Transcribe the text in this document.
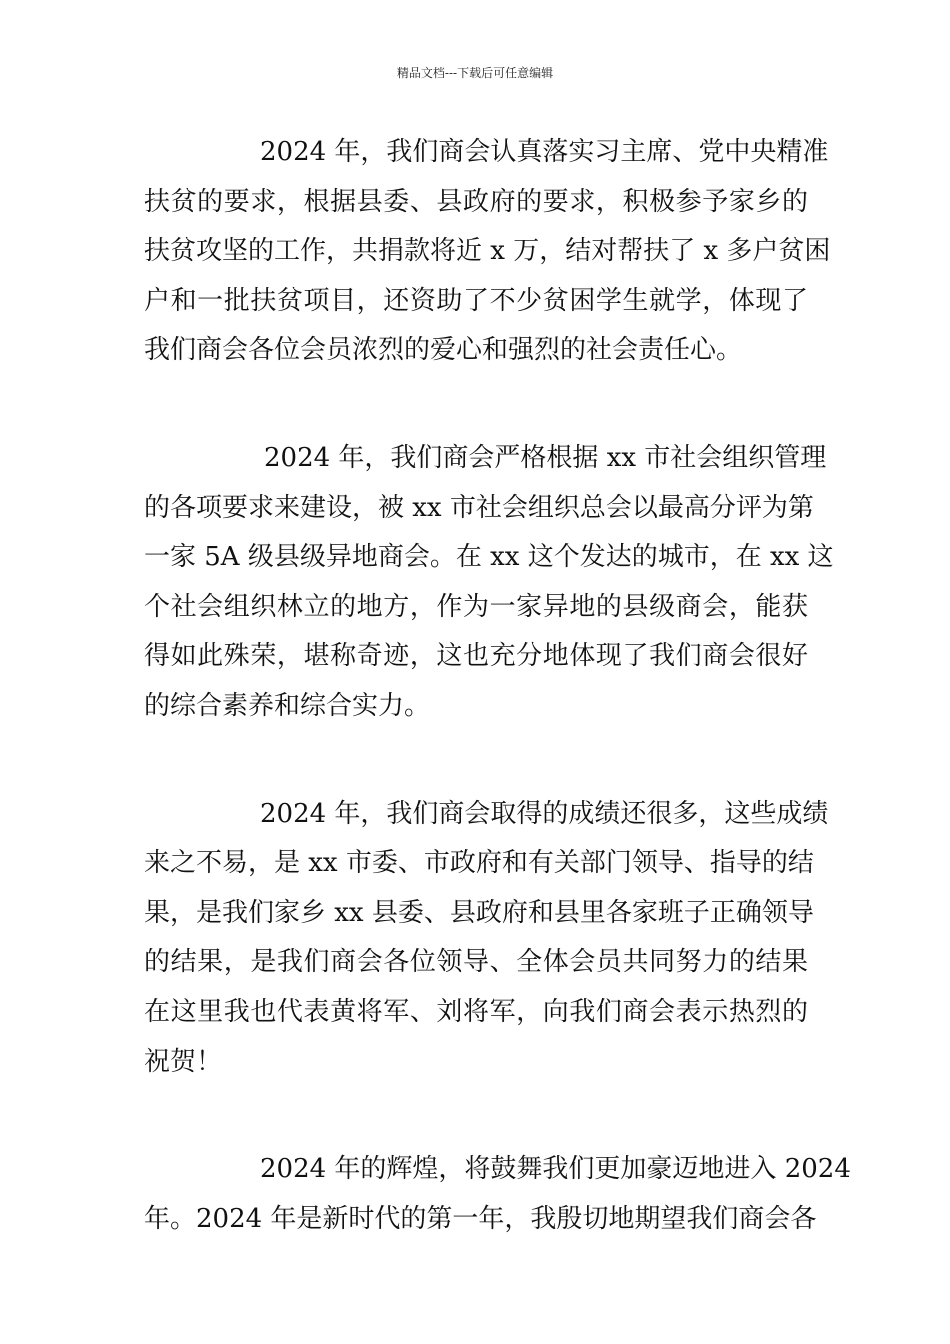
精品文档---下载后可任意编辑
2024 年，我们商会认真落实习主席、党中央精准
扶贫的要求，根据县委、县政府的要求，积极参予家乡的
扶贫攻坚的工作，共捐款将近 x 万，结对帮扶了 x 多户贫困
户和一批扶贫项目，还资助了不少贫困学生就学，体现了
我们商会各位会员浓烈的爱心和强烈的社会责任心。
2024 年，我们商会严格根据 xx 市社会组织管理
的各项要求来建设，被 xx 市社会组织总会以最高分评为第
一家 5A 级县级异地商会。在 xx 这个发达的城市，在 xx 这
个社会组织林立的地方，作为一家异地的县级商会，能获
得如此殊荣，堪称奇迹，这也充分地体现了我们商会很好
的综合素养和综合实力。
2024 年，我们商会取得的成绩还很多，这些成绩
来之不易，是 xx 市委、市政府和有关部门领导、指导的结
果，是我们家乡 xx 县委、县政府和县里各家班子正确领导
的结果，是我们商会各位领导、全体会员共同努力的结果
在这里我也代表黄将军、刘将军，向我们商会表示热烈的
祝贺！
2024 年的辉煌，将鼓舞我们更加豪迈地进入 2024
年。2024 年是新时代的第一年，我殷切地期望我们商会各
